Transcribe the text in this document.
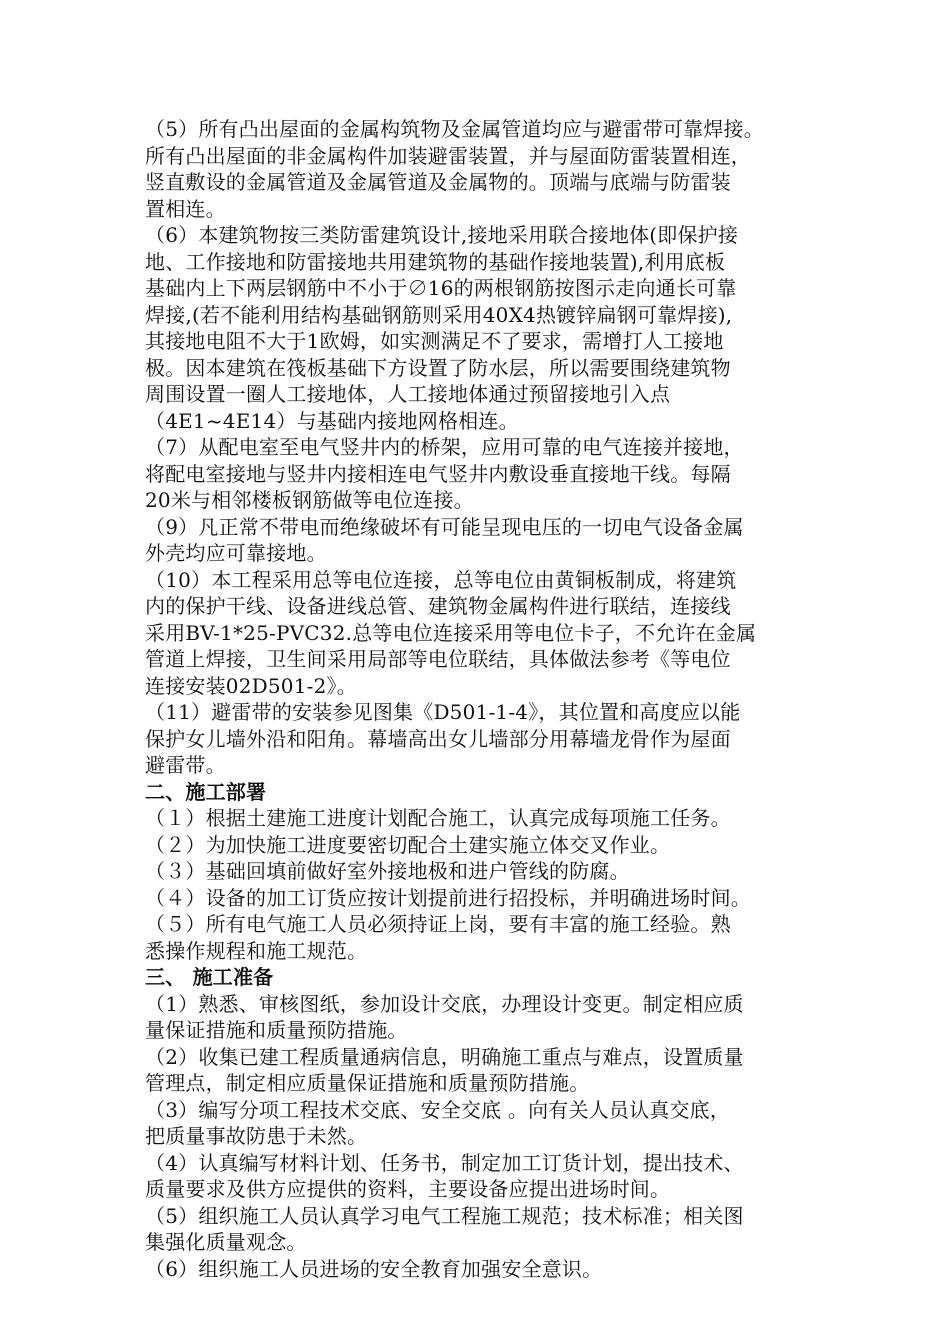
（5）所有凸出屋面的金属构筑物及金属管道均应与避雷带可靠焊接。
所有凸出屋面的非金属构件加装避雷装置，并与屋面防雷装置相连，
竖直敷设的金属管道及金属管道及金属物的。顶端与底端与防雷装
置相连。
（6）本建筑物按三类防雷建筑设计,接地采用联合接地体(即保护接
地、工作接地和防雷接地共用建筑物的基础作接地装置),利用底板
基础内上下两层钢筋中不小于∅16的两根钢筋按图示走向通长可靠
焊接,(若不能利用结构基础钢筋则采用40X4热镀锌扁钢可靠焊接),
其接地电阻不大于1欧姆，如实测满足不了要求，需增打人工接地
极。因本建筑在筏板基础下方设置了防水层，所以需要围绕建筑物
周围设置一圈人工接地体，人工接地体通过预留接地引入点
（4E1~4E14）与基础内接地网格相连。
（7）从配电室至电气竖井内的桥架，应用可靠的电气连接并接地，
将配电室接地与竖井内接相连电气竖井内敷设垂直接地干线。每隔
20米与相邻楼板钢筋做等电位连接。
（9）凡正常不带电而绝缘破坏有可能呈现电压的一切电气设备金属
外壳均应可靠接地。
（10）本工程采用总等电位连接，总等电位由黄铜板制成，将建筑
内的保护干线、设备进线总管、建筑物金属构件进行联结，连接线
采用BV-1*25-PVC32.总等电位连接采用等电位卡子，不允许在金属
管道上焊接，卫生间采用局部等电位联结，具体做法参考《等电位
连接安装02D501-2》。
（11）避雷带的安装参见图集《D501-1-4》，其位置和高度应以能
保护女儿墙外沿和阳角。幕墙高出女儿墙部分用幕墙龙骨作为屋面
避雷带。
二、施工部署
（１）根据土建施工进度计划配合施工，认真完成每项施工任务。
（２）为加快施工进度要密切配合土建实施立体交叉作业。
（３）基础回填前做好室外接地极和进户管线的防腐。
（４）设备的加工订货应按计划提前进行招投标，并明确进场时间。
（５）所有电气施工人员必须持证上岗，要有丰富的施工经验。熟
悉操作规程和施工规范。
三、 施工准备
（1）熟悉、审核图纸，参加设计交底，办理设计变更。制定相应质
量保证措施和质量预防措施。
（2）收集已建工程质量通病信息，明确施工重点与难点，设置质量
管理点，制定相应质量保证措施和质量预防措施。
（3）编写分项工程技术交底、安全交底 。向有关人员认真交底，
把质量事故防患于未然。
（4）认真编写材料计划、任务书，制定加工订货计划，提出技术、
质量要求及供方应提供的资料，主要设备应提出进场时间。
（5）组织施工人员认真学习电气工程施工规范；技术标准；相关图
集强化质量观念。
（6）组织施工人员进场的安全教育加强安全意识。
